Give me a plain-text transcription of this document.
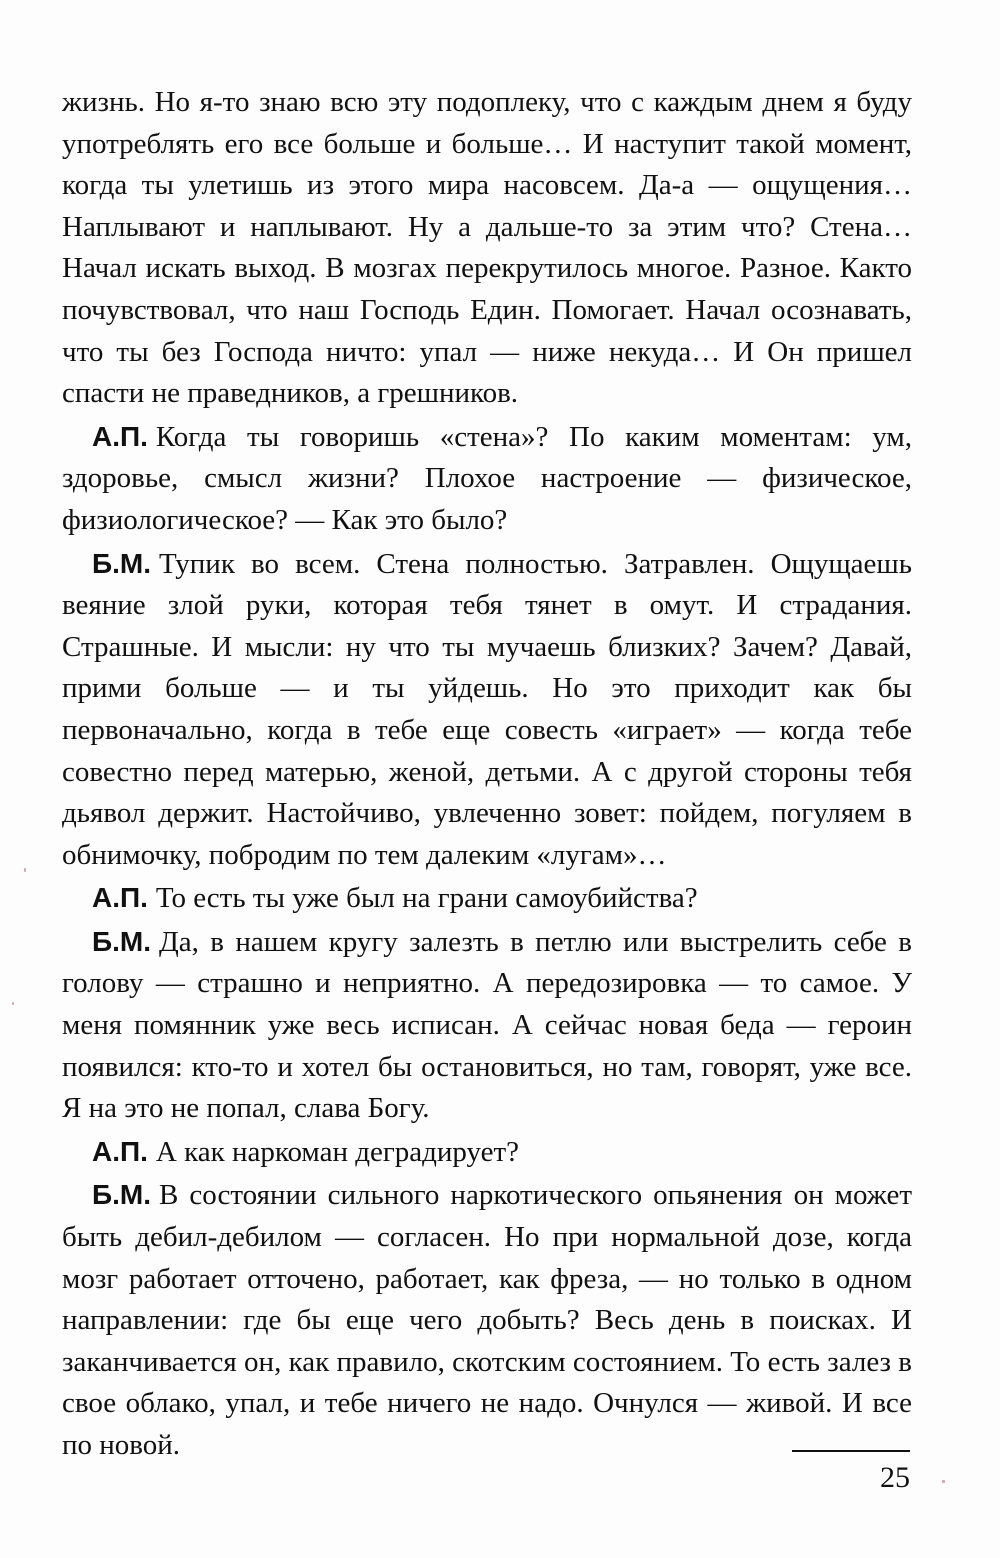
жизнь. Но я-то знаю всю эту подоплеку, что с каждым днем я буду употреблять его все больше и больше… И наступит такой момент, когда ты улетишь из этого мира насовсем. Да-а — ощущения… Наплывают и наплывают. Ну а дальше-то за этим что? Стена… Начал искать выход. В мозгах перекрутилось многое. Разное. Както почувствовал, что наш Господь Един. Помогает. Начал осознавать, что ты без Господа ничто: упал — ниже некуда… И Он пришел спасти не праведников, а грешников.

А.П. Когда ты говоришь «стена»? По каким моментам: ум, здоровье, смысл жизни? Плохое настроение — физическое, физиологическое? — Как это было?

Б.М. Тупик во всем. Стена полностью. Затравлен. Ощущаешь веяние злой руки, которая тебя тянет в омут. И страдания. Страшные. И мысли: ну что ты мучаешь близких? Зачем? Давай, прими больше — и ты уйдешь. Но это приходит как бы первоначально, когда в тебе еще совесть «играет» — когда тебе совестно перед матерью, женой, детьми. А с другой стороны тебя дьявол держит. Настойчиво, увлеченно зовет: пойдем, погуляем в обнимочку, побродим по тем далеким «лугам»…

А.П. То есть ты уже был на грани самоубийства?

Б.М. Да, в нашем кругу залезть в петлю или выстрелить себе в голову — страшно и неприятно. А передозировка — то самое. У меня помянник уже весь исписан. А сейчас новая беда — героин появился: кто-то и хотел бы остановиться, но там, говорят, уже все. Я на это не попал, слава Богу.

А.П. А как наркоман деградирует?

Б.М. В состоянии сильного наркотического опьянения он может быть дебил-дебилом — согласен. Но при нормальной дозе, когда мозг работает отточено, работает, как фреза, — но только в одном направлении: где бы еще чего добыть? Весь день в поисках. И заканчивается он, как правило, скотским состоянием. То есть залез в свое облако, упал, и тебе ничего не надо. Очнулся — живой. И все по новой.

25
